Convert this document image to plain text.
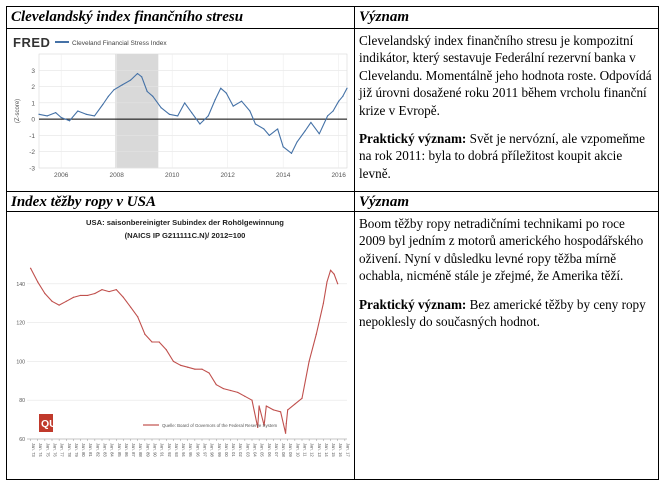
Clevelandský index finančního stresu	Význam
FRED	Cleveland Financial Stress Index
-3
-2
-1
0
1
2
3
2006	2008	2010	2012	2014	2016
(Z-score)

Clevelandský index finančního stresu je kompozitní indikátor, který sestavuje Federální rezervní banka v Clevelandu. Momentálně jeho hodnota roste. Odpovídá již úrovni dosažené roku 2011 během vrcholu finanční krize v Evropě.

Praktický význam: Svět je nervózní, ale vzpomeňme na rok 2011: byla to dobrá příležitost koupit akcie levně.

Index těžby ropy v USA	Význam
USA: saisonbereinigter Subindex der Rohölgewinnung
(NAICS IP G211111C.N)/ 2012=100
60
80
100
120
140
Jan. 73 Jan. 74 Jan. 75 Jan. 76 Jan. 77 Jan. 78 Jan. 79 Jan. 80 Jan. 81 Jan. 82 Jan. 83 Jan. 84 Jan. 85 Jan. 86 Jan. 87 Jan. 88 Jan. 89 Jan. 90 Jan. 91 Jan. 92 Jan. 93 Jan. 94 Jan. 95 Jan. 96 Jan. 97 Jan. 98 Jan. 99 Jan. 00 Jan. 01 Jan. 02 Jan. 03 Jan. 04 Jan. 05 Jan. 06 Jan. 07 Jan. 08 Jan. 09 Jan. 10 Jan. 11 Jan. 12 Jan. 13 Jan. 14 Jan. 15 Jan. 16 Jan. 17
QUERSCHUESSE.DE	Quelle: Board of Governors of the Federal Reserve System

Boom těžby ropy netradičními technikami po roce 2009 byl jedním z motorů amerického hospodářského oživení. Nyní v důsledku levné ropy těžba mírně ochabla, nicméně stále je zřejmé, že Amerika těží.

Praktický význam: Bez americké těžby by ceny ropy nepoklesly do současných hodnot.
